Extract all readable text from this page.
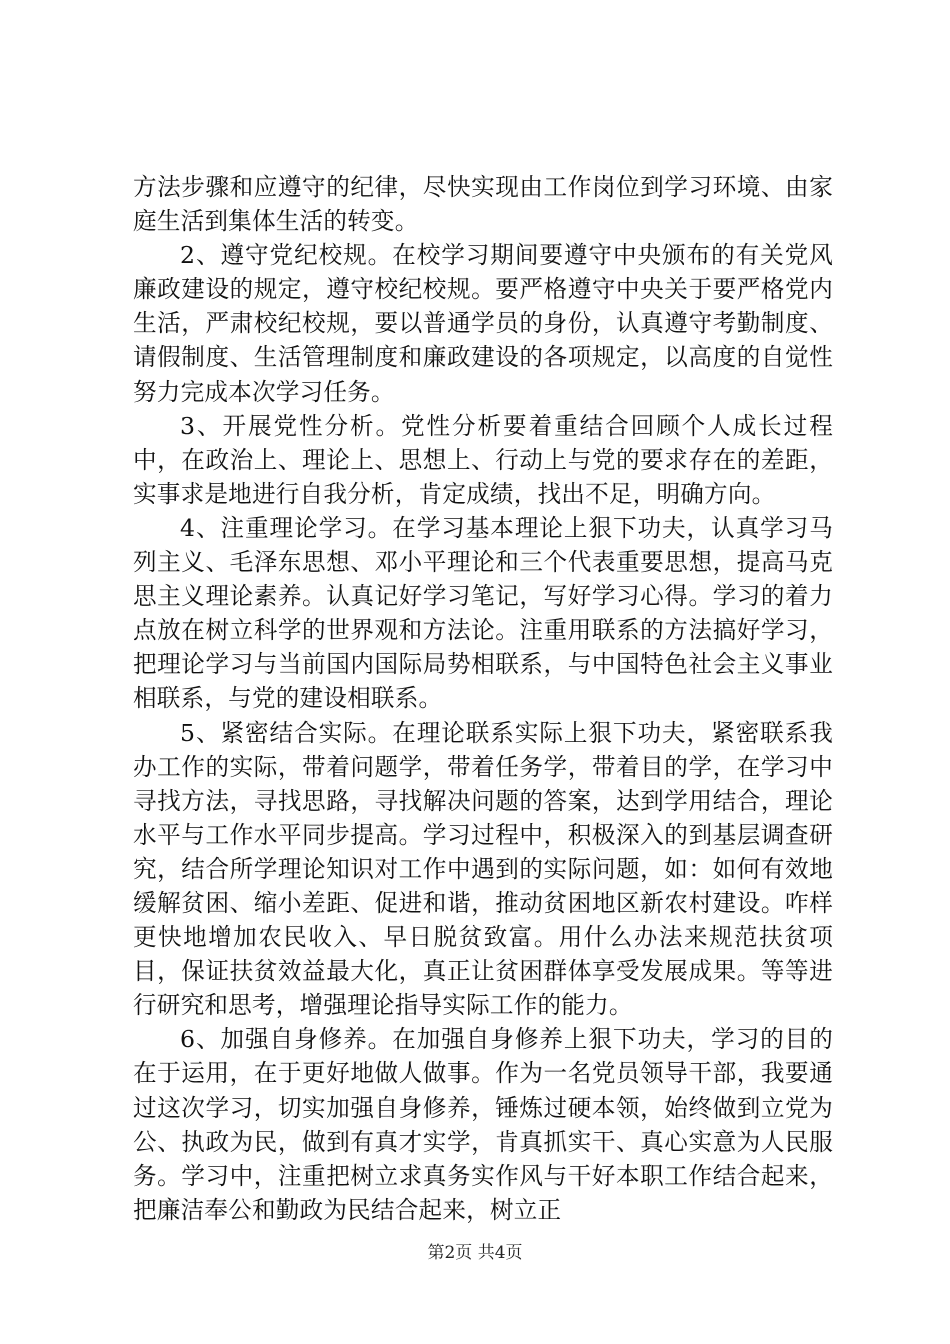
方法步骤和应遵守的纪律，尽快实现由工作岗位到学习环境、由家庭生活到集体生活的转变。

2、遵守党纪校规。在校学习期间要遵守中央颁布的有关党风廉政建设的规定，遵守校纪校规。要严格遵守中央关于要严格党内生活，严肃校纪校规，要以普通学员的身份，认真遵守考勤制度、请假制度、生活管理制度和廉政建设的各项规定，以高度的自觉性努力完成本次学习任务。

3、开展党性分析。党性分析要着重结合回顾个人成长过程中，在政治上、理论上、思想上、行动上与党的要求存在的差距，实事求是地进行自我分析，肯定成绩，找出不足，明确方向。

4、注重理论学习。在学习基本理论上狠下功夫，认真学习马列主义、毛泽东思想、邓小平理论和三个代表重要思想，提高马克思主义理论素养。认真记好学习笔记，写好学习心得。学习的着力点放在树立科学的世界观和方法论。注重用联系的方法搞好学习，把理论学习与当前国内国际局势相联系，与中国特色社会主义事业相联系，与党的建设相联系。

5、紧密结合实际。在理论联系实际上狠下功夫，紧密联系我办工作的实际，带着问题学，带着任务学，带着目的学，在学习中寻找方法，寻找思路，寻找解决问题的答案，达到学用结合，理论水平与工作水平同步提高。学习过程中，积极深入的到基层调查研究，结合所学理论知识对工作中遇到的实际问题，如：如何有效地缓解贫困、缩小差距、促进和谐，推动贫困地区新农村建设。咋样更快地增加农民收入、早日脱贫致富。用什么办法来规范扶贫项目，保证扶贫效益最大化，真正让贫困群体享受发展成果。等等进行研究和思考，增强理论指导实际工作的能力。

6、加强自身修养。在加强自身修养上狠下功夫，学习的目的在于运用，在于更好地做人做事。作为一名党员领导干部，我要通过这次学习，切实加强自身修养，锤炼过硬本领，始终做到立党为公、执政为民，做到有真才实学，肯真抓实干、真心实意为人民服务。学习中，注重把树立求真务实作风与干好本职工作结合起来，把廉洁奉公和勤政为民结合起来，树立正

第2页 共4页
